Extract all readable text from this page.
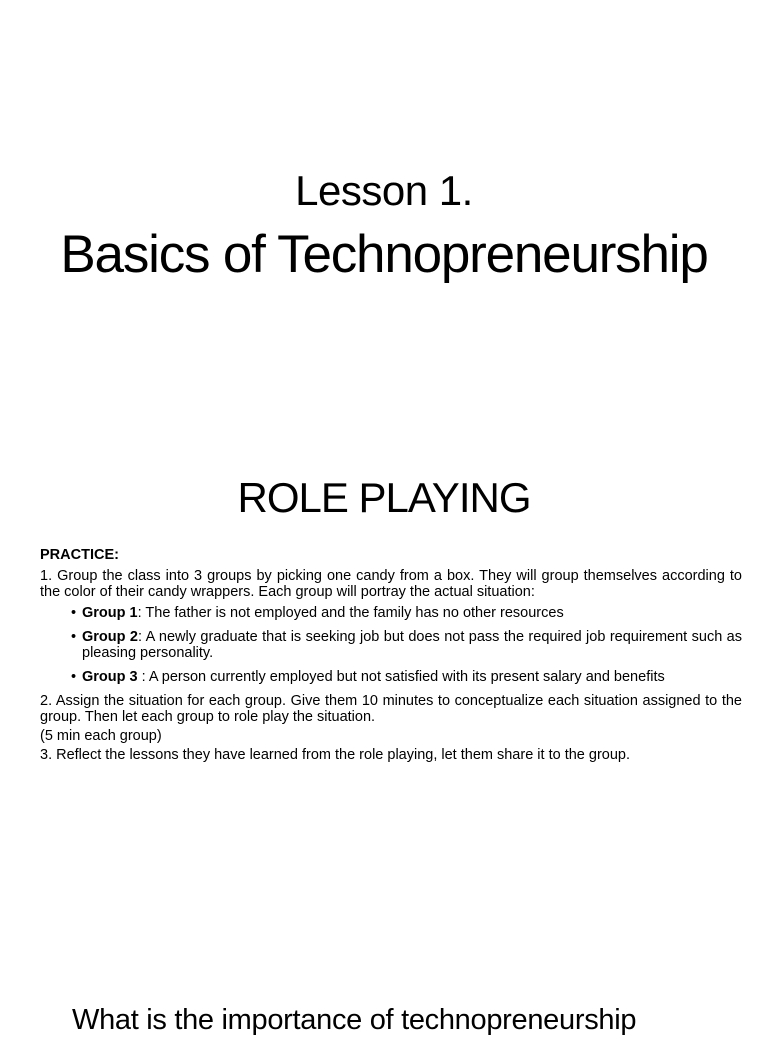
Lesson 1.
Basics of Technopreneurship
ROLE PLAYING

PRACTICE:

1. Group the class into 3 groups by picking one candy from a box. They will group themselves according to the color of their candy wrappers. Each group will portray the actual situation:

• Group 1: The father is not employed and the family has no other resources
• Group 2: A newly graduate that is seeking job but does not pass the required job requirement such as pleasing personality.
• Group 3 : A person currently employed but not satisfied with its present salary and benefits

2. Assign the situation for each group. Give them 10 minutes to conceptualize each situation assigned to the group. Then let each group to role play the situation.

(5 min each group)

3. Reflect the lessons they have learned from the role playing, let them share it to the group.

What is the importance of technopreneurship
